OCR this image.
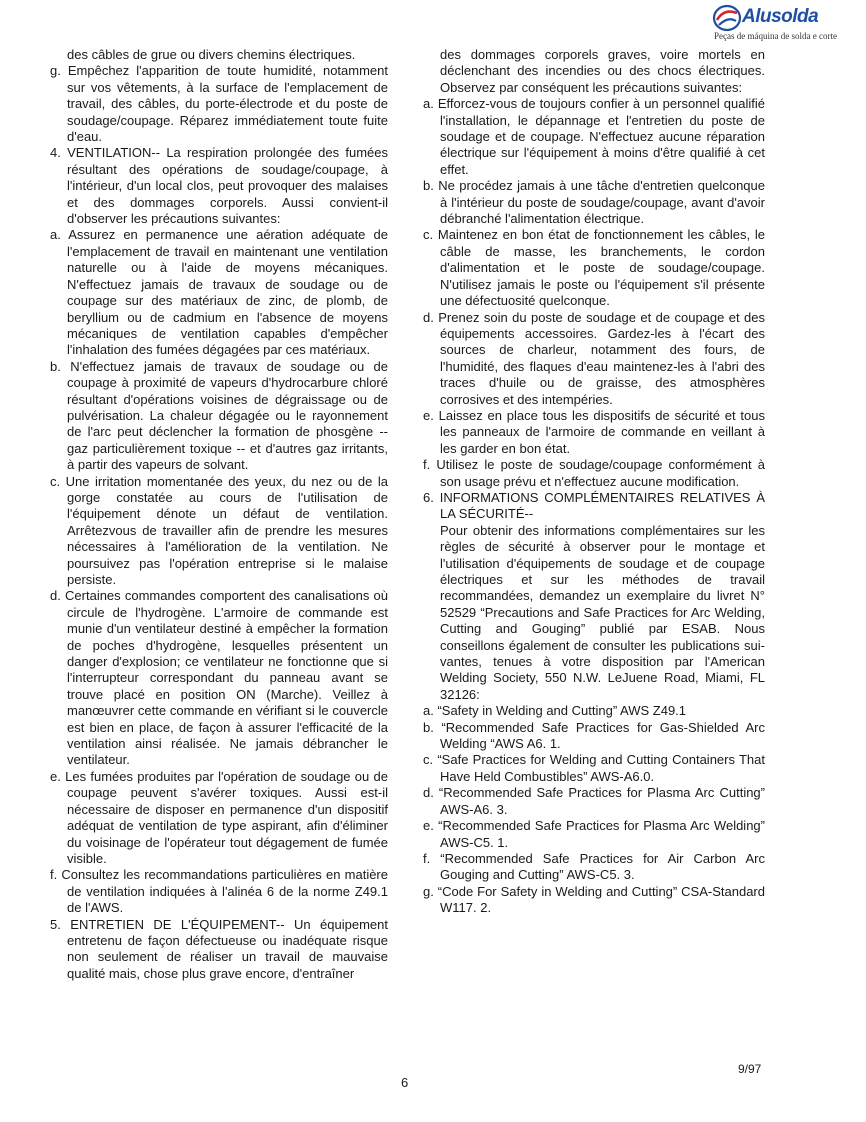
Alusolda
Peças de máquina de solda e corte

des câbles de grue ou divers chemins électriques.

g. Empêchez l'apparition de toute humidité, notamment sur vos vêtements, à la surface de l'emplacement de travail, des câbles, du porte-électrode et du poste de soudage/coupage. Réparez immédiatement toute fuite d'eau.

4. VENTILATION-- La respiration prolongée des fumées résultant des opérations de soudage/coupage, à l'intérieur, d'un local clos, peut provoquer des malaises et des dommages corporels. Aussi convient-il d'observer les précautions suivantes:

a. Assurez en permanence une aération adéquate de l'emplacement de travail en maintenant une ventilation naturelle ou à l'aide de moyens mécaniques. N'effectuez jamais de travaux de soudage ou de coupage sur des matériaux de zinc, de plomb, de beryllium ou de cadmium en l'absence de moyens mécaniques de ventilation capables d'empêcher l'inhalation des fumées dégagées par ces matériaux.

b. N'effectuez jamais de travaux de soudage ou de coupage à proximité de vapeurs d'hydrocarbure chloré résultant d'opérations voisines de dégraissage ou de pulvérisation. La chaleur dégagée ou le rayonnement de l'arc peut déclencher la formation de phosgène -- gaz particulièrement toxique -- et d'autres gaz irritants, à partir des vapeurs de solvant.

c. Une irritation momentanée des yeux, du nez ou de la gorge constatée au cours de l'utilisation de l'équipement dénote un défaut de ventilation. Arrêtezvous de travailler afin de prendre les mesures nécessaires à l'amélioration de la ventilation. Ne poursuivez pas l'opération entreprise si le malaise persiste.

d. Certaines commandes comportent des canalisations où circule de l'hydrogène. L'armoire de commande est munie d'un ventilateur destiné à empêcher la formation de poches d'hydrogène, lesquelles présentent un danger d'explosion; ce ventilateur ne fonctionne que si l'interrupteur correspondant du panneau avant se trouve placé en position ON (Marche). Veillez à manœuvrer cette commande en vérifiant si le couvercle est bien en place, de façon à assurer l'efficacité de la ventilation ainsi réalisée. Ne jamais débrancher le ventilateur.

e. Les fumées produites par l'opération de soudage ou de coupage peuvent s'avérer toxiques. Aussi est-il nécessaire de disposer en permanence d'un dispositif adéquat de ventilation de type aspirant, afin d'éliminer du voisinage de l'opérateur tout dégagement de fumée visible.

f. Consultez les recommandations particulières en matière de ventilation indiquées à l'alinéa 6 de la norme Z49.1 de l'AWS.

5. ENTRETIEN DE L'ÉQUIPEMENT-- Un équipement entretenu de façon défectueuse ou inadéquate risque non seulement de réaliser un travail de mauvaise qualité mais, chose plus grave encore, d'entraîner

des dommages corporels graves, voire mortels en déclenchant des incendies ou des chocs électriques. Observez par conséquent les précautions suivantes:

a. Efforcez-vous de toujours confier à un personnel qualifié l'installation, le dépannage et l'entretien du poste de soudage et de coupage. N'effectuez aucune réparation électrique sur l'équipement à moins d'être qualifié à cet effet.

b. Ne procédez jamais à une tâche d'entretien quelconque à l'intérieur du poste de soudage/coupage, avant d'avoir débranché l'alimentation électrique.

c. Maintenez en bon état de fonctionnement les câbles, le câble de masse, les branchements, le cordon d'alimentation et le poste de soudage/coupage. N'utilisez jamais le poste ou l'équipement s'il présente une défectuosité quelconque.

d. Prenez soin du poste de soudage et de coupage et des équipements accessoires. Gardez-les à l'écart des sources de charleur, notamment des fours, de l'humidité, des flaques d'eau maintenez-les à l'abri des traces d'huile ou de graisse, des atmosphères corrosives et des intempéries.

e. Laissez en place tous les dispositifs de sécurité et tous les panneaux de l'armoire de commande en veillant à les garder en bon état.

f. Utilisez le poste de soudage/coupage conformément à son usage prévu et n'effectuez aucune modification.

6. INFORMATIONS COMPLÉMENTAIRES RELATIVES À LA SÉCURITÉ--

Pour obtenir des informations complémentaires sur les règles de sécurité à observer pour le montage et l'utilisation d'équipements de soudage et de coupage électriques et sur les méthodes de travail recommandées, demandez un exemplaire du livret N° 52529 “Precautions and Safe Practices for Arc Welding, Cutting and Gouging” publié par ESAB. Nous conseillons également de consulter les publications sui-vantes, tenues à votre disposition par l'American Welding Society, 550 N.W. LeJuene Road, Miami, FL 32126:

a. “Safety in Welding and Cutting” AWS Z49.1

b. “Recommended Safe Practices for Gas-Shielded Arc Welding “AWS A6. 1.

c. “Safe Practices for Welding and Cutting Containers That Have Held Combustibles” AWS-A6.0.

d. “Recommended Safe Practices for Plasma Arc Cutting” AWS-A6. 3.

e. “Recommended Safe Practices for Plasma Arc Welding” AWS-C5. 1.

f. “Recommended Safe Practices for Air Carbon Arc Gouging and Cutting” AWS-C5. 3.

g. “Code For Safety in Welding and Cutting” CSA-Standard W117. 2.

9/97
6
